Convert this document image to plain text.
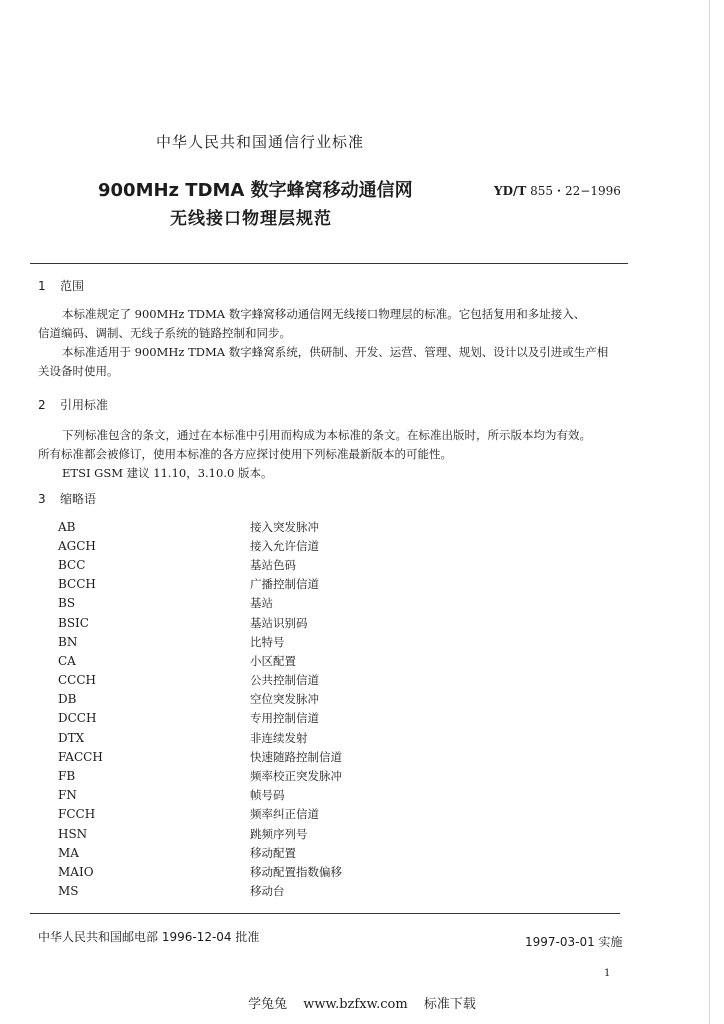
中华人民共和国通信行业标准
900MHz TDMA 数字蜂窝移动通信网
无线接口物理层规范
YD/T 855・22−1996
1 范围

本标准规定了 900MHz TDMA 数字蜂窝移动通信网无线接口物理层的标准。它包括复用和多址接入、

信道编码、调制、无线子系统的链路控制和同步。

本标准适用于 900MHz TDMA 数字蜂窝系统，供研制、开发、运营、管理、规划、设计以及引进或生产相

关设备时使用。

2 引用标准

下列标准包含的条文，通过在本标准中引用而构成为本标准的条文。在标准出版时，所示版本均为有效。

所有标准都会被修订，使用本标准的各方应探讨使用下列标准最新版本的可能性。

ETSI GSM 建议 11.10，3.10.0 版本。

3 缩略语
AB	接入突发脉冲
AGCH	接入允许信道
BCC	基站色码
BCCH	广播控制信道
BS	基站
BSIC	基站识别码
BN	比特号
CA	小区配置
CCCH	公共控制信道
DB	空位突发脉冲
DCCH	专用控制信道
DTX	非连续发射
FACCH	快速随路控制信道
FB	频率校正突发脉冲
FN	帧号码
FCCH	频率纠正信道
HSN	跳频序列号
MA	移动配置
MAIO	移动配置指数偏移
MS	移动台
中华人民共和国邮电部 1996-12-04 批准	1997-03-01 实施
1
学兔兔 www.bzfxw.com 标准下载
